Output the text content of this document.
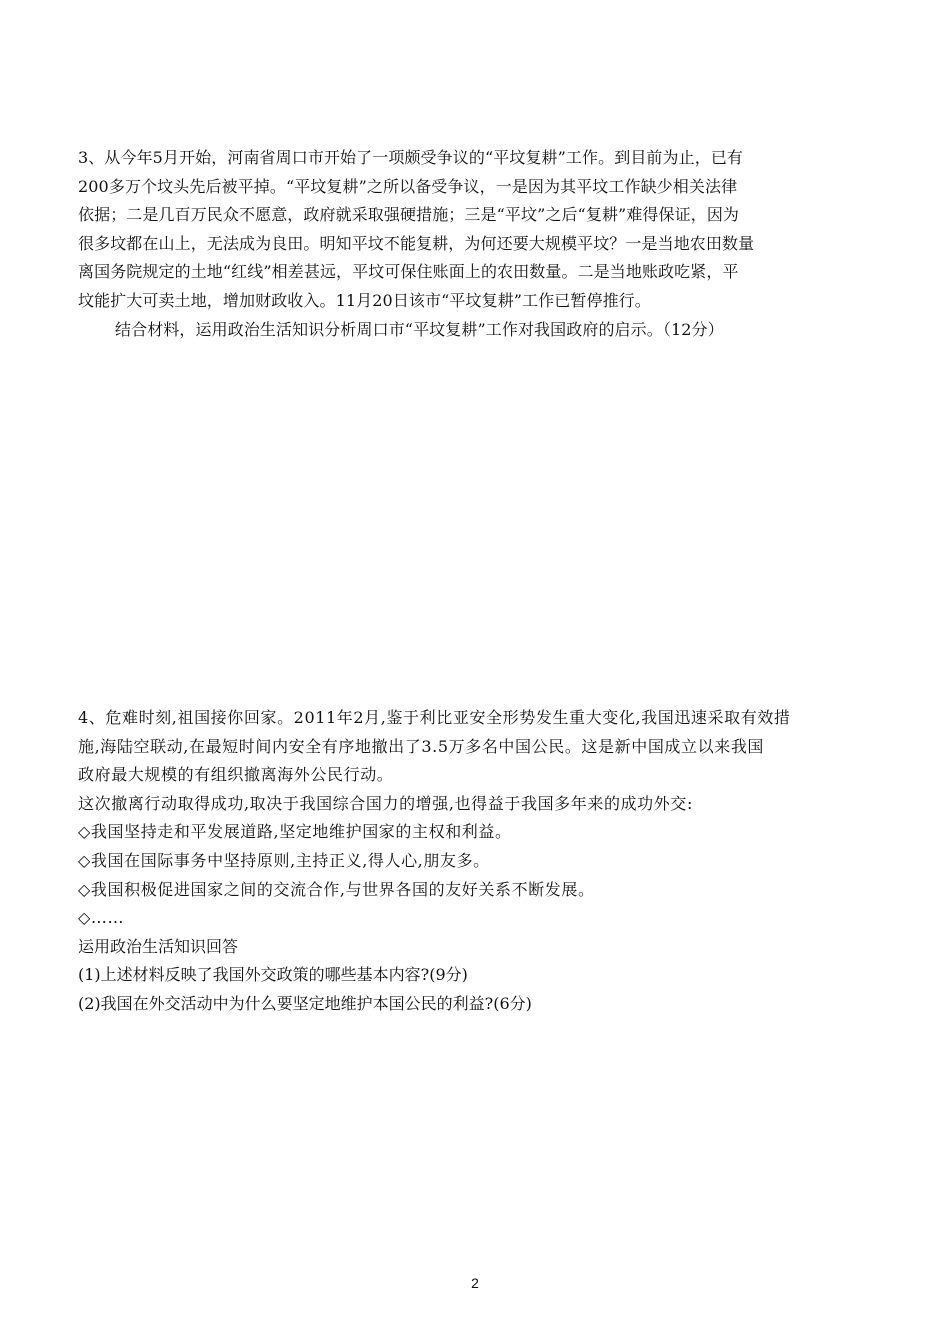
3、从今年5月开始，河南省周口市开始了一项颇受争议的“平坟复耕”工作。到目前为止，已有
200多万个坟头先后被平掉。“平坟复耕”之所以备受争议，一是因为其平坟工作缺少相关法律
依据；二是几百万民众不愿意，政府就采取强硬措施；三是“平坟”之后“复耕”难得保证，因为
很多坟都在山上，无法成为良田。明知平坟不能复耕，为何还要大规模平坟？一是当地农田数量
离国务院规定的土地“红线”相差甚远，平坟可保住账面上的农田数量。二是当地账政吃紧，平
坟能扩大可卖土地，增加财政收入。11月20日该市“平坟复耕”工作已暂停推行。
结合材料，运用政治生活知识分析周口市“平坟复耕”工作对我国政府的启示。（12分）
4、危难时刻,祖国接你回家。2011年2月,鉴于利比亚安全形势发生重大变化,我国迅速采取有效措
施,海陆空联动,在最短时间内安全有序地撤出了3.5万多名中国公民。这是新中国成立以来我国
政府最大规模的有组织撤离海外公民行动。
这次撤离行动取得成功,取决于我国综合国力的增强,也得益于我国多年来的成功外交:
◇我国坚持走和平发展道路,坚定地维护国家的主权和利益。
◇我国在国际事务中坚持原则,主持正义,得人心,朋友多。
◇我国积极促进国家之间的交流合作,与世界各国的友好关系不断发展。
◇……
运用政治生活知识回答
(1)上述材料反映了我国外交政策的哪些基本内容?(9分)
(2)我国在外交活动中为什么要坚定地维护本国公民的利益?(6分)
2
